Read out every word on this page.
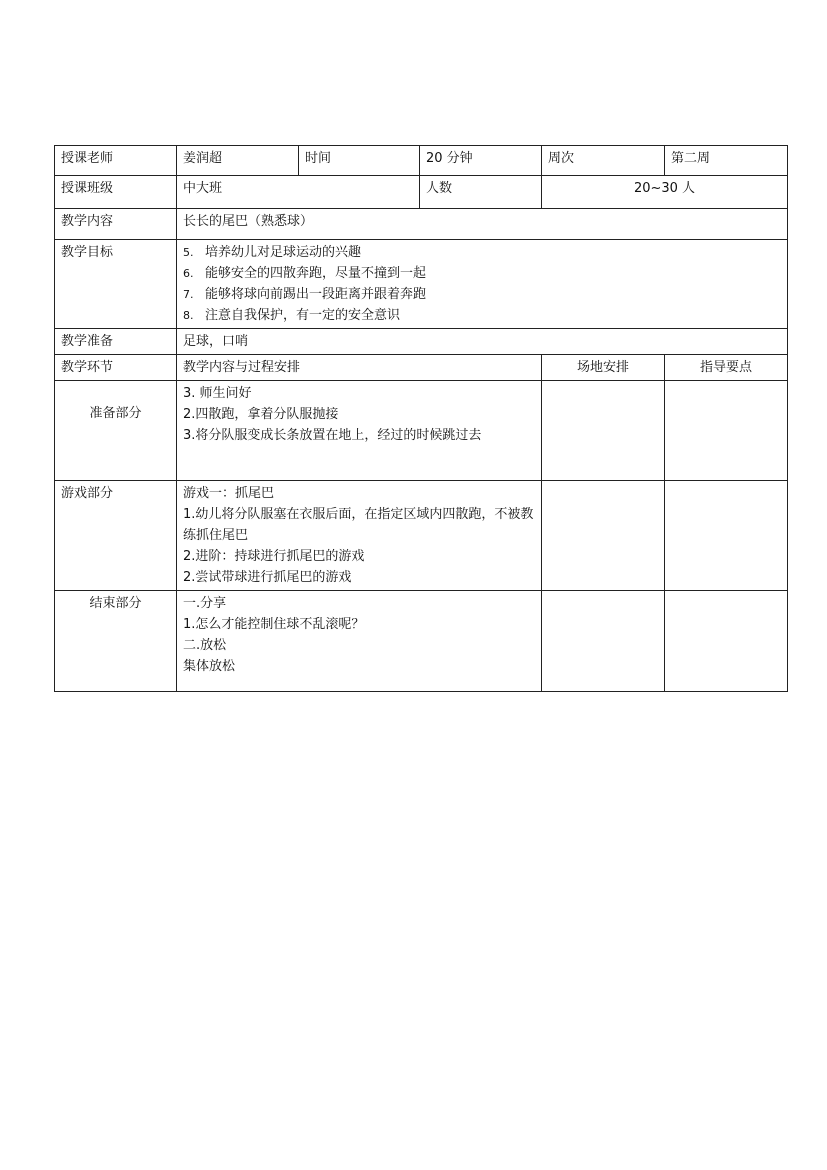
授课老师	姜润超	时间	20 分钟	周次	第二周
授课班级	中大班		人数	20~30 人	
教学内容	长长的尾巴（熟悉球）				
教学目标	5. 培养幼儿对足球运动的兴趣
6. 能够安全的四散奔跑，尽量不撞到一起
7. 能够将球向前踢出一段距离并跟着奔跑
8. 注意自我保护，有一定的安全意识				

教学准备	足球，口哨				
教学环节	教学内容与过程安排			场地安排	指导要点
准备部分	3. 师生问好
2.四散跑，拿着分队服抛接
3.将分队服变成长条放置在地上，经过的时候跳过去				

游戏部分	游戏一：抓尾巴
1.幼儿将分队服塞在衣服后面，在指定区域内四散跑，不被教练抓住尾巴
2.进阶：持球进行抓尾巴的游戏
2.尝试带球进行抓尾巴的游戏				

结束部分	一.分享
1.怎么才能控制住球不乱滚呢？
二.放松
集体放松				
